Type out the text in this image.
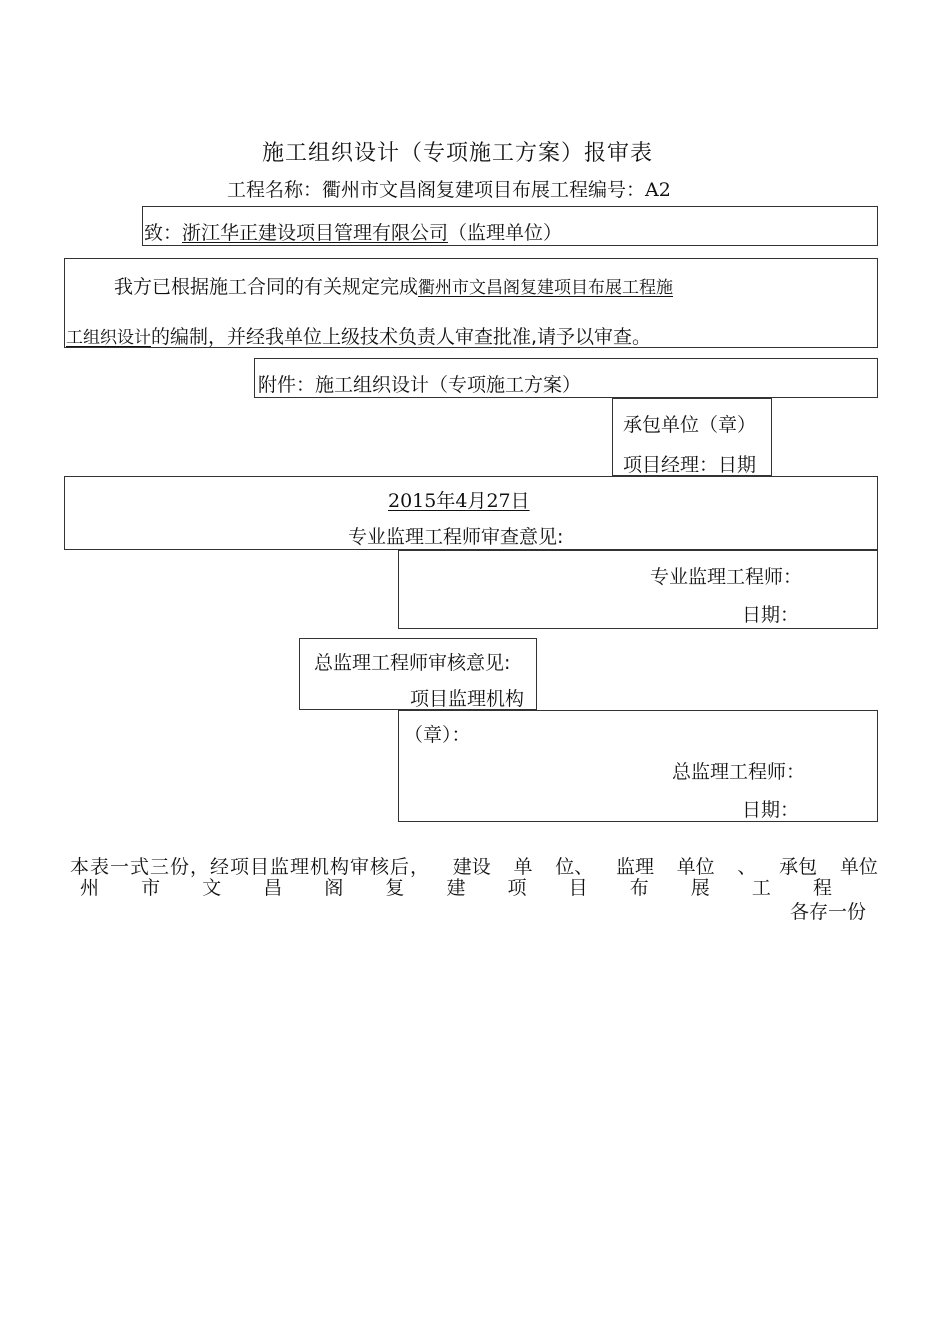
施工组织设计（专项施工方案）报审表
工程名称：衢州市文昌阁复建项目布展工程编号：A2
致：浙江华正建设项目管理有限公司（监理单位）
我方已根据施工合同的有关规定完成衢州市文昌阁复建项目布展工程施
工组织设计的编制，并经我单位上级技术负责人审查批准,请予以审查。
附件：施工组织设计（专项施工方案）
承包单位（章）
项目经理：日期
2015年4月27日
专业监理工程师审查意见:
专业监理工程师：
日期：
总监理工程师审核意见:
项目监理机构
（章）：
总监理工程师：
日期：
本表一式三份，经项目监理机构审核后， 建设 单 位、 监理 单位 、 承包 单位
州 市 文 昌 阁 复 建 项 目 布 展 工 程
各存一份
